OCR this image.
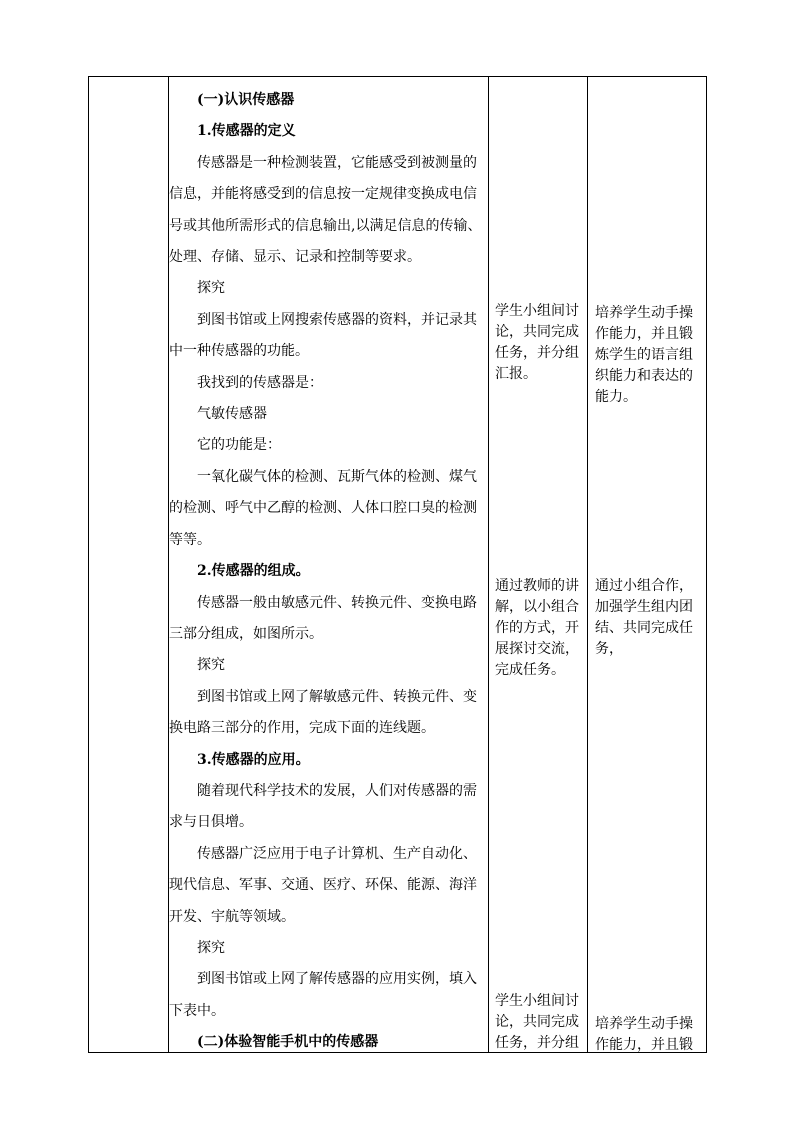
(一)认识传感器

1.传感器的定义

传感器是一种检测装置，它能感受到被测量的信息，并能将感受到的信息按一定规律变换成电信号或其他所需形式的信息输出,以满足信息的传输、处理、存储、显示、记录和控制等要求。

探究

到图书馆或上网搜索传感器的资料，并记录其中一种传感器的功能。

我找到的传感器是：

气敏传感器

它的功能是：

一氧化碳气体的检测、瓦斯气体的检测、煤气的检测、呼气中乙醇的检测、人体口腔口臭的检测等等。

2.传感器的组成。

传感器一般由敏感元件、转换元件、变换电路三部分组成，如图所示。

探究

到图书馆或上网了解敏感元件、转换元件、变换电路三部分的作用，完成下面的连线题。

3.传感器的应用。

随着现代科学技术的发展，人们对传感器的需求与日俱增。

传感器广泛应用于电子计算机、生产自动化、现代信息、军事、交通、医疗、环保、能源、海洋开发、宇航等领域。

探究

到图书馆或上网了解传感器的应用实例，填入下表中。

(二)体验智能手机中的传感器

学生小组间讨论，共同完成任务，并分组汇报。
通过教师的讲解，以小组合作的方式，开展探讨交流，完成任务。
学生小组间讨论，共同完成任务，并分组
培养学生动手操作能力，并且锻炼学生的语言组织能力和表达的能力。
通过小组合作，加强学生组内团结、共同完成任务，
培养学生动手操作能力，并且锻
